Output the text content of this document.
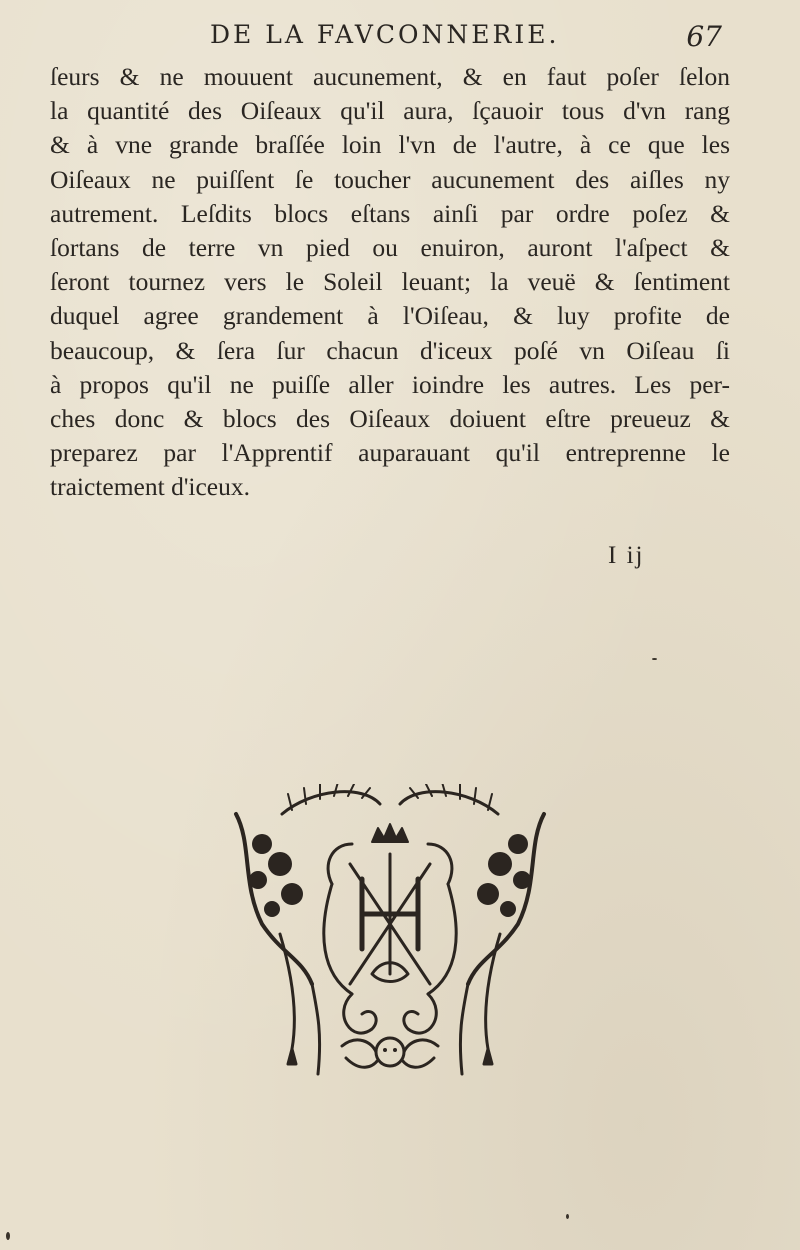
DE LA FAVCONNERIE.	67
ſeurs & ne mouuent aucunement, & en faut poſer ſelon
la quantité des Oiſeaux qu'il aura, ſçauoir tous d'vn rang
& à vne grande braſſée loin l'vn de l'autre, à ce que les
Oiſeaux ne puiſſent ſe toucher aucunement des aiſles ny
autrement. Leſdits blocs eſtans ainſi par ordre poſez &
ſortans de terre vn pied ou enuiron, auront l'aſpect &
ſeront tournez vers le Soleil leuant; la veuë & ſentiment
duquel agree grandement à l'Oiſeau, & luy profite de
beaucoup, & ſera ſur chacun d'iceux poſé vn Oiſeau ſi
à propos qu'il ne puiſſe aller ioindre les autres. Les per-
ches donc & blocs des Oiſeaux doiuent eſtre preueuz &
preparez par l'Apprentif auparauant qu'il entreprenne le
traictement d'iceux.
I ij
